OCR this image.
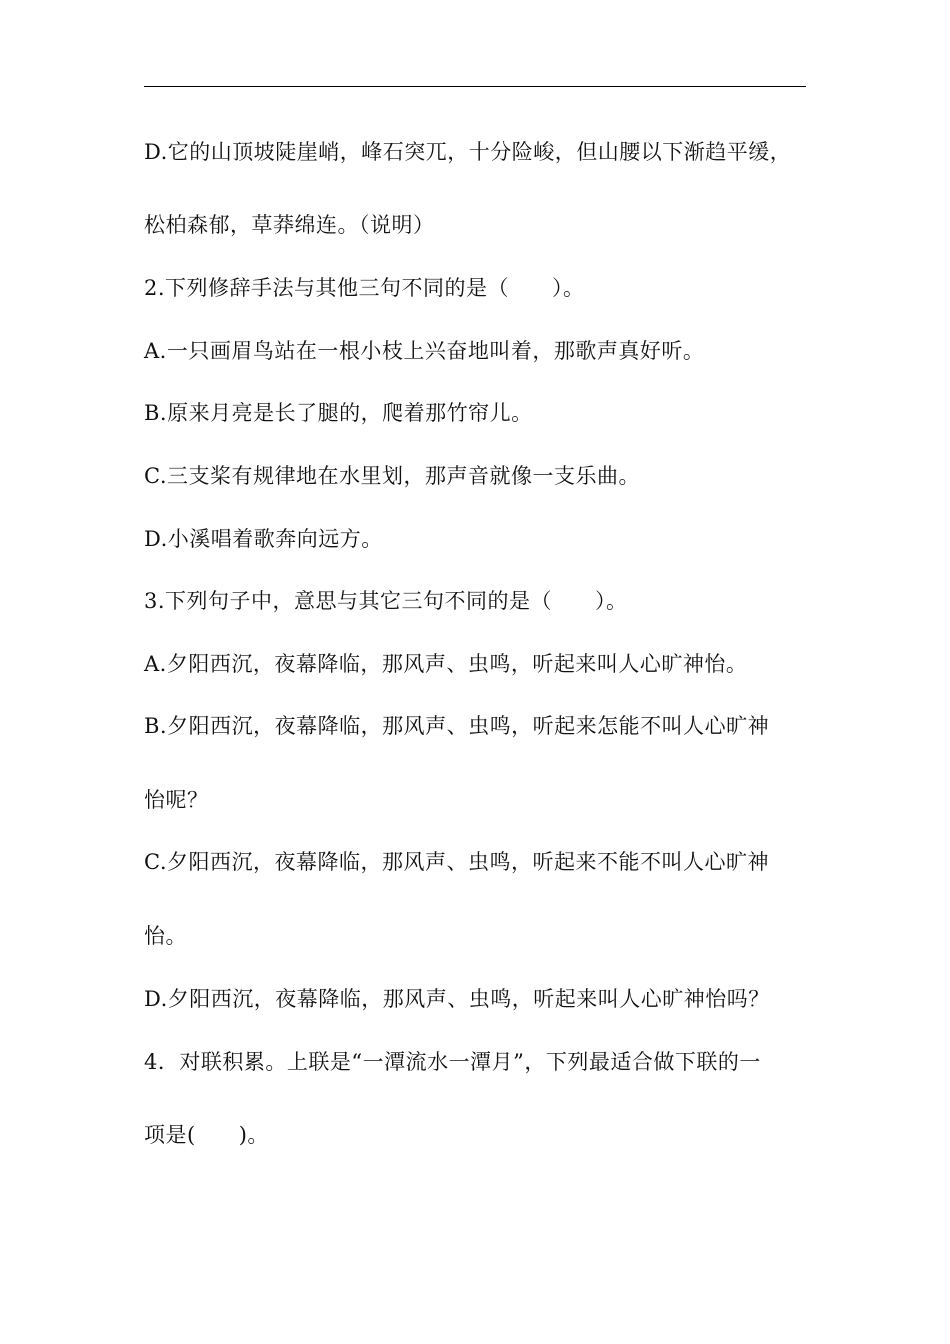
D.它的山顶坡陡崖峭，峰石突兀，十分险峻，但山腰以下渐趋平缓，
松柏森郁，草莽绵连。（说明）
2.下列修辞手法与其他三句不同的是（　　）。
A.一只画眉鸟站在一根小枝上兴奋地叫着，那歌声真好听。
B.原来月亮是长了腿的，爬着那竹帘儿。
C.三支桨有规律地在水里划，那声音就像一支乐曲。
D.小溪唱着歌奔向远方。
3.下列句子中，意思与其它三句不同的是（　　）。
A.夕阳西沉，夜幕降临，那风声、虫鸣，听起来叫人心旷神怡。
B.夕阳西沉，夜幕降临，那风声、虫鸣，听起来怎能不叫人心旷神
怡呢？
C.夕阳西沉，夜幕降临，那风声、虫鸣，听起来不能不叫人心旷神
怡。
D.夕阳西沉，夜幕降临，那风声、虫鸣，听起来叫人心旷神怡吗？
4．对联积累。上联是“一潭流水一潭月”，下列最适合做下联的一
项是(　　)。
